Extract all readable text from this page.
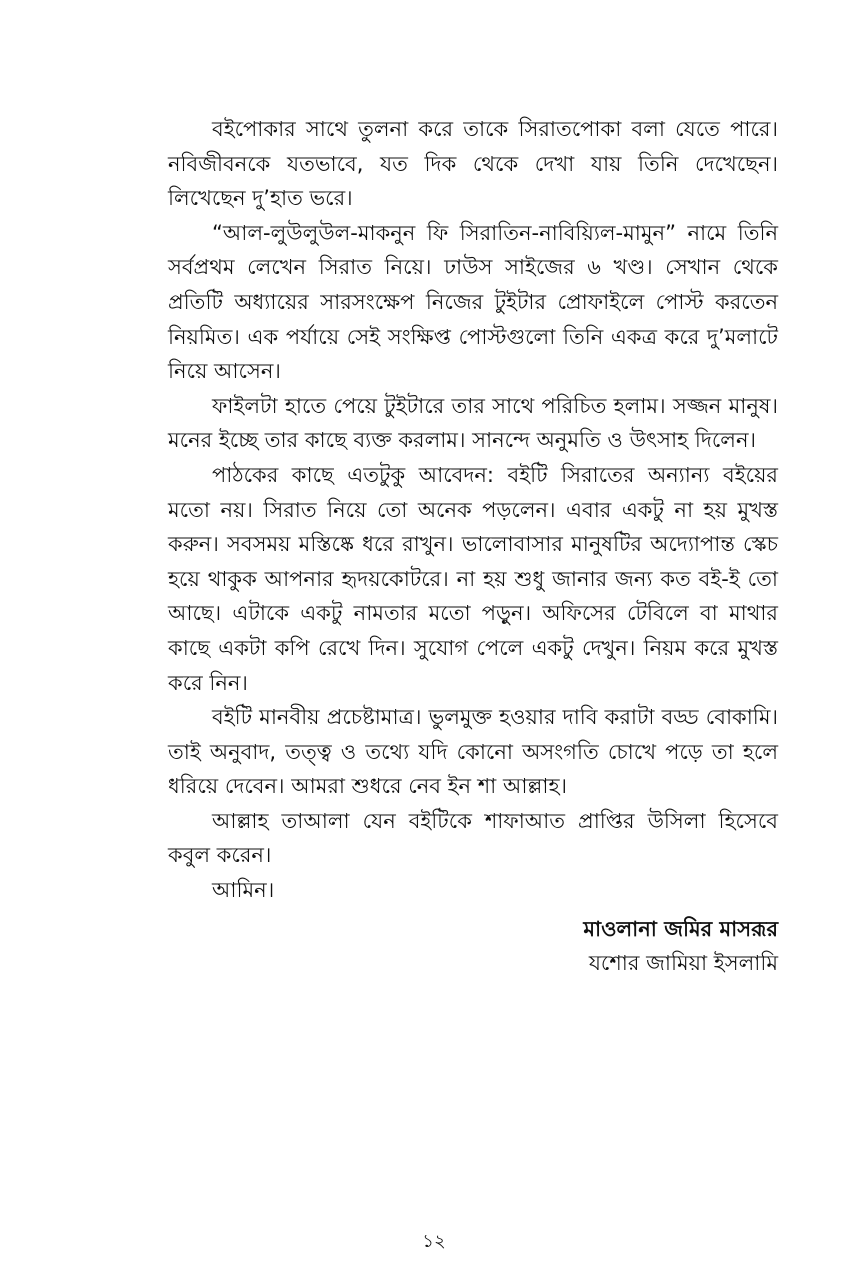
বইপোকার সাথে তুলনা করে তাকে সিরাতপোকা বলা যেতে পারে। নবিজীবনকে যতভাবে, যত দিক থেকে দেখা যায় তিনি দেখেছেন। লিখেছেন দু’হাত ভরে।

“আল-লুউলুউল-মাকনুন ফি সিরাতিন-নাবিয়্যিল-মামুন” নামে তিনি সর্বপ্রথম লেখেন সিরাত নিয়ে। ঢাউস সাইজের ৬ খণ্ড। সেখান থেকে প্রতিটি অধ্যায়ের সারসংক্ষেপ নিজের টুইটার প্রোফাইলে পোস্ট করতেন নিয়মিত। এক পর্যায়ে সেই সংক্ষিপ্ত পোস্টগুলো তিনি একত্র করে দু’মলাটে নিয়ে আসেন।

ফাইলটা হাতে পেয়ে টুইটারে তার সাথে পরিচিত হলাম। সজ্জন মানুষ। মনের ইচ্ছে তার কাছে ব্যক্ত করলাম। সানন্দে অনুমতি ও উৎসাহ দিলেন।

পাঠকের কাছে এতটুকু আবেদন: বইটি সিরাতের অন্যান্য বইয়ের মতো নয়। সিরাত নিয়ে তো অনেক পড়লেন। এবার একটু না হয় মুখস্ত করুন। সবসময় মস্তিষ্কে ধরে রাখুন। ভালোবাসার মানুষটির অদ্যোপান্ত স্কেচ হয়ে থাকুক আপনার হৃদয়কোটরে। না হয় শুধু জানার জন্য কত বই-ই তো আছে। এটাকে একটু নামতার মতো পড়ুন। অফিসের টেবিলে বা মাথার কাছে একটা কপি রেখে দিন। সুযোগ পেলে একটু দেখুন। নিয়ম করে মুখস্ত করে নিন।

বইটি মানবীয় প্রচেষ্টামাত্র। ভুলমুক্ত হওয়ার দাবি করাটা বড্ড বোকামি। তাই অনুবাদ, তত্ত্ব ও তথ্যে যদি কোনো অসংগতি চোখে পড়ে তা হলে ধরিয়ে দেবেন। আমরা শুধরে নেব ইন শা আল্লাহ।

আল্লাহ তাআলা যেন বইটিকে শাফাআত প্রাপ্তির উসিলা হিসেবে কবুল করেন।

আমিন।

মাওলানা জমির মাসরূর
যশোর জামিয়া ইসলামি
১২
